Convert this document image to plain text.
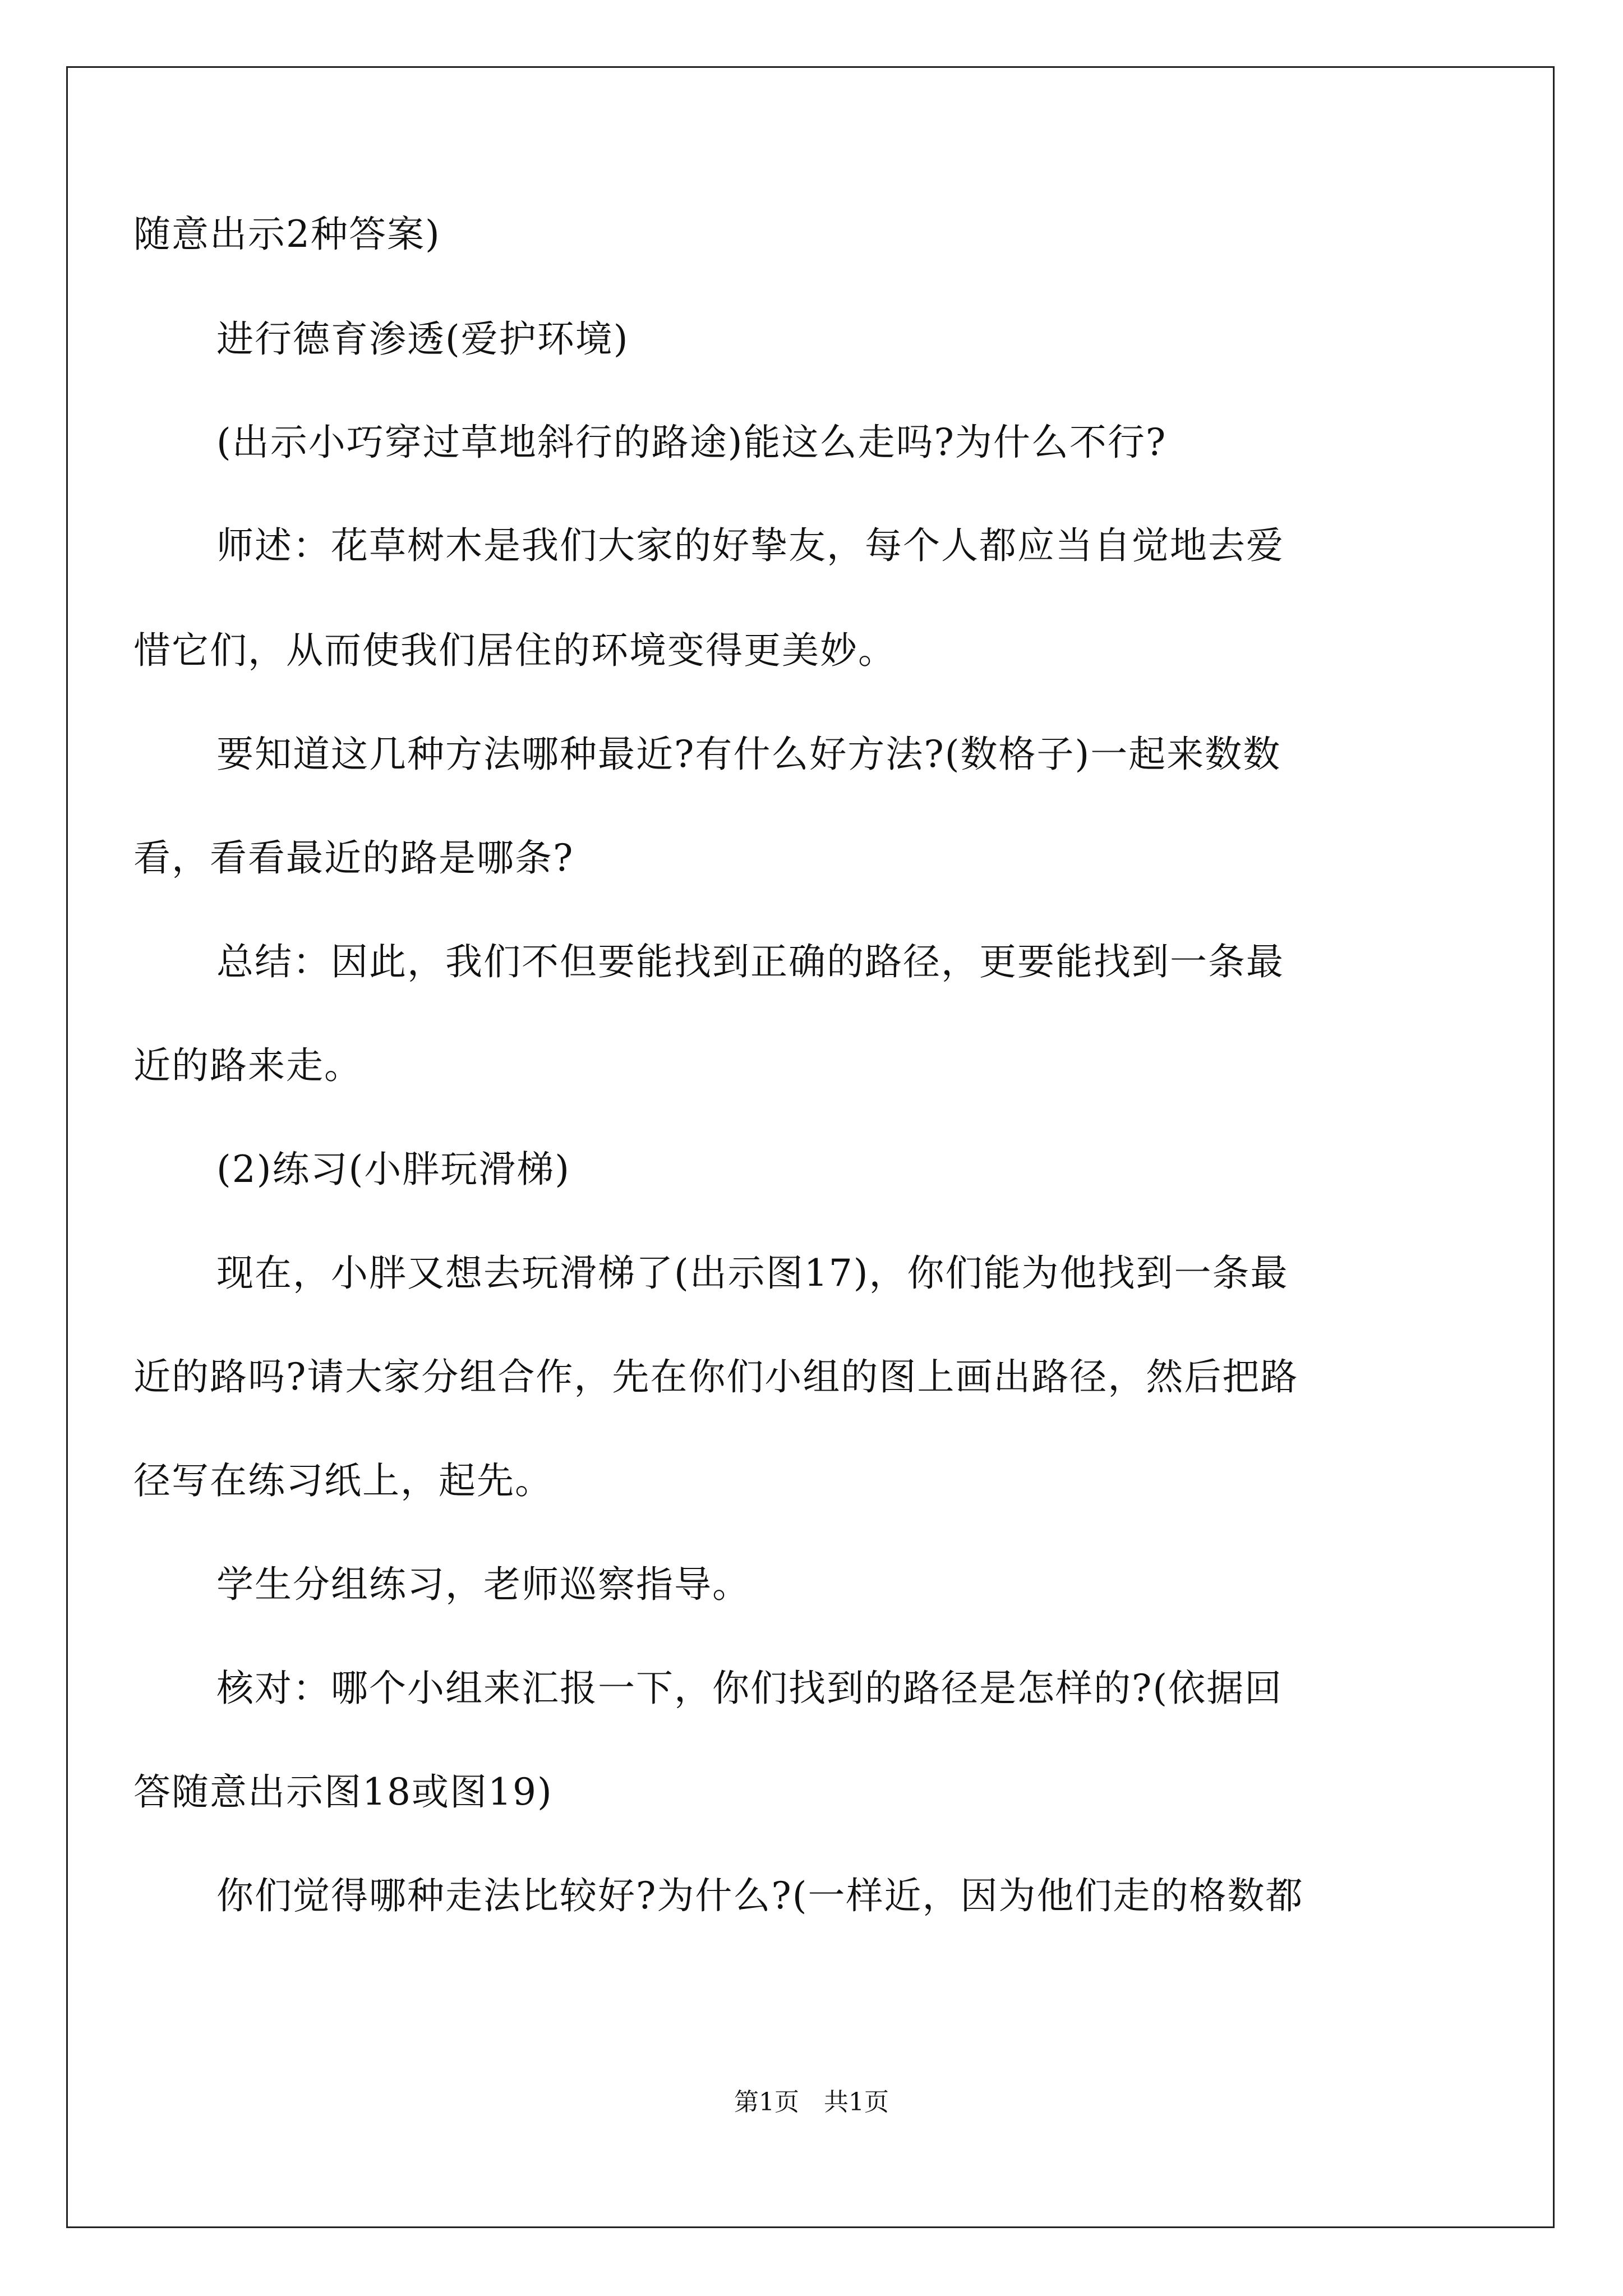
随意出示2种答案)
进行德育渗透(爱护环境)
(出示小巧穿过草地斜行的路途)能这么走吗?为什么不行?
师述：花草树木是我们大家的好挚友，每个人都应当自觉地去爱
惜它们，从而使我们居住的环境变得更美妙。
要知道这几种方法哪种最近?有什么好方法?(数格子)一起来数数
看，看看最近的路是哪条?
总结：因此，我们不但要能找到正确的路径，更要能找到一条最
近的路来走。
(2)练习(小胖玩滑梯)
现在，小胖又想去玩滑梯了(出示图17)，你们能为他找到一条最
近的路吗?请大家分组合作，先在你们小组的图上画出路径，然后把路
径写在练习纸上，起先。
学生分组练习，老师巡察指导。
核对：哪个小组来汇报一下，你们找到的路径是怎样的?(依据回
答随意出示图18或图19)
你们觉得哪种走法比较好?为什么?(一样近，因为他们走的格数都
第1页　共1页
